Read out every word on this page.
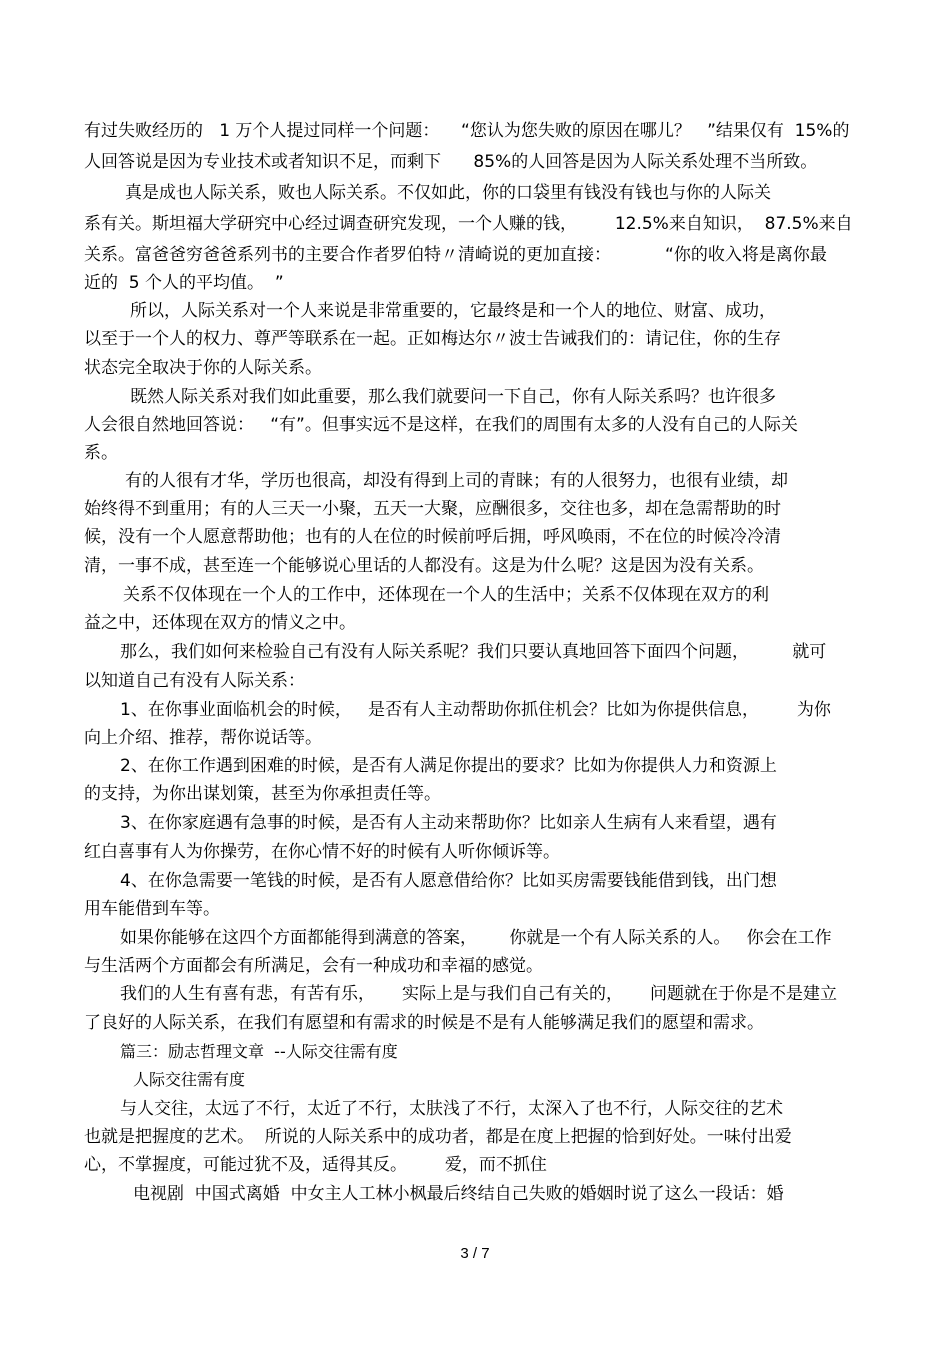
有过失败经历的   1 万个人提过同样一个问题：    “您认为您失败的原因在哪儿？   ”结果仅有  15%的
人回答说是因为专业技术或者知识不足，而剩下      85%的人回答是因为人际关系处理不当所致。
真是成也人际关系，败也人际关系。不仅如此，你的口袋里有钱没有钱也与你的人际关
系有关。斯坦福大学研究中心经过调查研究发现，一个人赚的钱，       12.5%来自知识，  87.5%来自
关系。富爸爸穷爸爸系列书的主要合作者罗伯特〃清崎说的更加直接：          “你的收入将是离你最
近的  5 个人的平均值。  ”
所以，人际关系对一个人来说是非常重要的，它最终是和一个人的地位、财富、成功，
以至于一个人的权力、尊严等联系在一起。正如梅达尔〃波士告诫我们的：请记住，你的生存
状态完全取决于你的人际关系。
既然人际关系对我们如此重要，那么我们就要问一下自己，你有人际关系吗？也许很多
人会很自然地回答说：   “有”。但事实远不是这样，在我们的周围有太多的人没有自己的人际关
系。
有的人很有才华，学历也很高，却没有得到上司的青睐；有的人很努力，也很有业绩，却
始终得不到重用；有的人三天一小聚，五天一大聚，应酬很多，交往也多，却在急需帮助的时
候，没有一个人愿意帮助他；也有的人在位的时候前呼后拥，呼风唤雨，不在位的时候冷冷清
清，一事不成，甚至连一个能够说心里话的人都没有。这是为什么呢？这是因为没有关系。
关系不仅体现在一个人的工作中，还体现在一个人的生活中；关系不仅体现在双方的利
益之中，还体现在双方的情义之中。
那么，我们如何来检验自己有没有人际关系呢？我们只要认真地回答下面四个问题，        就可
以知道自己有没有人际关系：
1、在你事业面临机会的时候，   是否有人主动帮助你抓住机会？比如为你提供信息，       为你
向上介绍、推荐，帮你说话等。
2、在你工作遇到困难的时候，是否有人满足你提出的要求？比如为你提供人力和资源上
的支持，为你出谋划策，甚至为你承担责任等。
3、在你家庭遇有急事的时候，是否有人主动来帮助你？比如亲人生病有人来看望，遇有
红白喜事有人为你操劳，在你心情不好的时候有人听你倾诉等。
4、在你急需要一笔钱的时候，是否有人愿意借给你？比如买房需要钱能借到钱，出门想
用车能借到车等。
如果你能够在这四个方面都能得到满意的答案，      你就是一个有人际关系的人。   你会在工作
与生活两个方面都会有所满足，会有一种成功和幸福的感觉。
我们的人生有喜有悲，有苦有乐，     实际上是与我们自己有关的，     问题就在于你是不是建立
了良好的人际关系，在我们有愿望和有需求的时候是不是有人能够满足我们的愿望和需求。
篇三：励志哲理文章  --人际交往需有度
人际交往需有度
与人交往，太远了不行，太近了不行，太肤浅了不行，太深入了也不行，人际交往的艺术
也就是把握度的艺术。  所说的人际关系中的成功者，都是在度上把握的恰到好处。一味付出爱
心，不掌握度，可能过犹不及，适得其反。       爱，而不抓住
电视剧  中国式离婚  中女主人工林小枫最后终结自己失败的婚姻时说了这么一段话：婚
3 / 7
